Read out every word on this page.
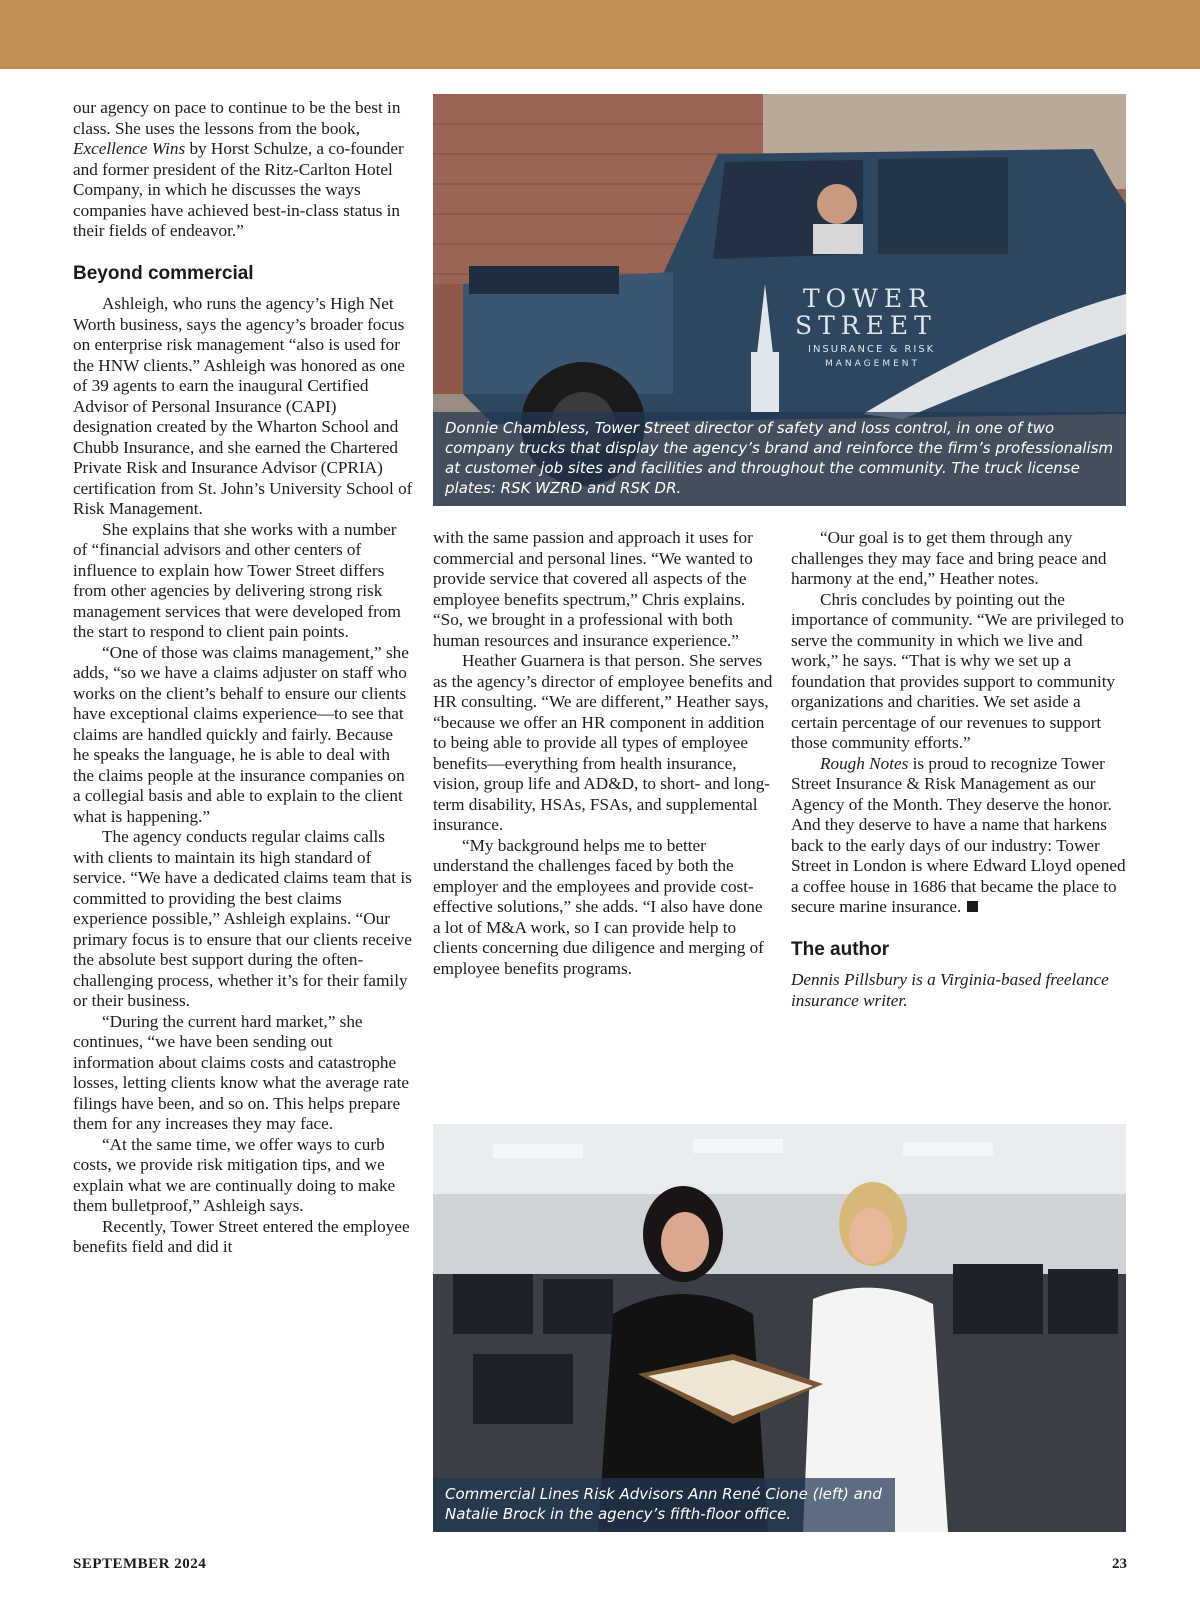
our agency on pace to continue to be the best in class. She uses the lessons from the book, Excellence Wins by Horst Schulze, a co-founder and former president of the Ritz-Carlton Hotel Company, in which he discusses the ways companies have achieved best-in-class status in their fields of endeavor.”

Beyond commercial

Ashleigh, who runs the agency’s High Net Worth business, says the agency’s broader focus on enterprise risk management “also is used for the HNW clients.” Ashleigh was honored as one of 39 agents to earn the inaugural Certified Advisor of Personal Insurance (CAPI) designation created by the Wharton School and Chubb Insurance, and she earned the Chartered Private Risk and Insurance Advisor (CPRIA) certification from St. John’s University School of Risk Management.

She explains that she works with a number of “financial advisors and other centers of influence to explain how Tower Street differs from other agencies by delivering strong risk management services that were developed from the start to respond to client pain points.

“One of those was claims management,” she adds, “so we have a claims adjuster on staff who works on the client’s behalf to ensure our clients have exceptional claims experience—to see that claims are handled quickly and fairly. Because he speaks the language, he is able to deal with the claims people at the insurance companies on a collegial basis and able to explain to the client what is happening.”

The agency conducts regular claims calls with clients to maintain its high standard of service. “We have a dedicated claims team that is committed to providing the best claims experience possible,” Ashleigh explains. “Our primary focus is to ensure that our clients receive the absolute best support during the often-challenging process, whether it’s for their family or their business.

“During the current hard market,” she continues, “we have been sending out information about claims costs and catastrophe losses, letting clients know what the average rate filings have been, and so on. This helps prepare them for any increases they may face.

“At the same time, we offer ways to curb costs, we provide risk mitigation tips, and we explain what we are continually doing to make them bulletproof,” Ashleigh says.

Recently, Tower Street entered the employee benefits field and did it

TOWER
STREET
INSURANCE & RISK
MANAGEMENT
Donnie Chambless, Tower Street director of safety and loss control, in one of two company trucks that display the agency’s brand and reinforce the firm’s professionalism at customer job sites and facilities and throughout the community. The truck license plates: RSK WZRD and RSK DR.

with the same passion and approach it uses for commercial and personal lines. “We wanted to provide service that covered all aspects of the employee benefits spectrum,” Chris explains. “So, we brought in a professional with both human resources and insurance experience.”

Heather Guarnera is that person. She serves as the agency’s director of employee benefits and HR consulting. “We are different,” Heather says, “because we offer an HR component in addition to being able to provide all types of employee benefits—everything from health insurance, vision, group life and AD&D, to short- and long-term disability, HSAs, FSAs, and supplemental insurance.

“My background helps me to better understand the challenges faced by both the employer and the employees and provide cost-effective solutions,” she adds. “I also have done a lot of M&A work, so I can provide help to clients concerning due diligence and merging of employee benefits programs.

“Our goal is to get them through any challenges they may face and bring peace and harmony at the end,” Heather notes.

Chris concludes by pointing out the importance of community. “We are privileged to serve the community in which we live and work,” he says. “That is why we set up a foundation that provides support to community organizations and charities. We set aside a certain percentage of our revenues to support those community efforts.”

Rough Notes is proud to recognize Tower Street Insurance & Risk Management as our Agency of the Month. They deserve the honor. And they deserve to have a name that harkens back to the early days of our industry: Tower Street in London is where Edward Lloyd opened a coffee house in 1686 that became the place to secure marine insurance.

The author

Dennis Pillsbury is a Virginia-based freelance insurance writer.

Commercial Lines Risk Advisors Ann René Cione (left) and Natalie Brock in the agency’s fifth-floor office.
SEPTEMBER 2024	23
